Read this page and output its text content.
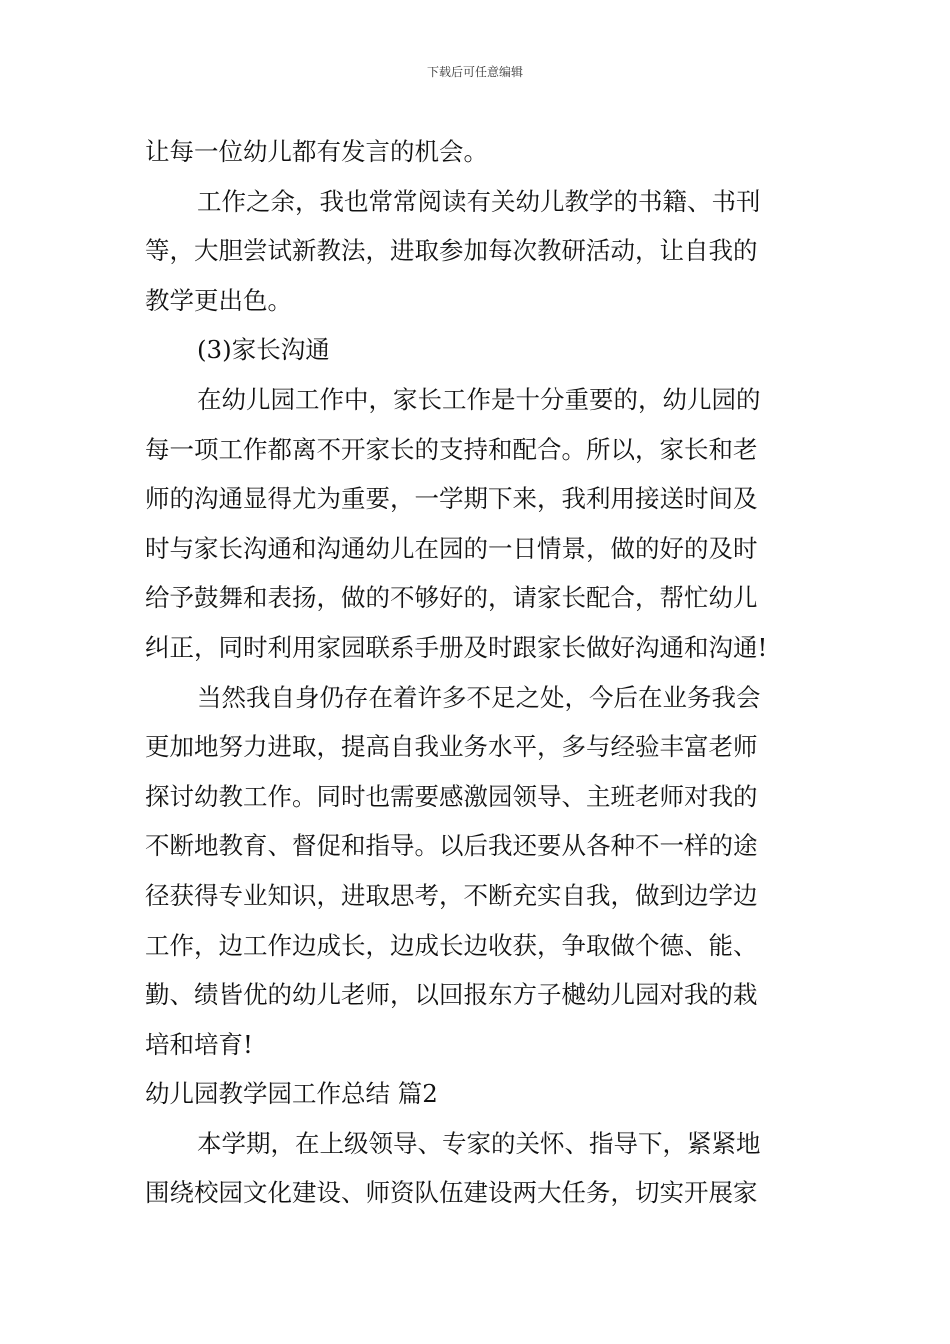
下载后可任意编辑
让每一位幼儿都有发言的机会。
工作之余，我也常常阅读有关幼儿教学的书籍、书刊
等，大胆尝试新教法，进取参加每次教研活动，让自我的
教学更出色。
(3)家长沟通
在幼儿园工作中，家长工作是十分重要的，幼儿园的
每一项工作都离不开家长的支持和配合。所以，家长和老
师的沟通显得尤为重要，一学期下来，我利用接送时间及
时与家长沟通和沟通幼儿在园的一日情景，做的好的及时
给予鼓舞和表扬，做的不够好的，请家长配合，帮忙幼儿
纠正，同时利用家园联系手册及时跟家长做好沟通和沟通!
当然我自身仍存在着许多不足之处，今后在业务我会
更加地努力进取，提高自我业务水平，多与经验丰富老师
探讨幼教工作。同时也需要感激园领导、主班老师对我的
不断地教育、督促和指导。以后我还要从各种不一样的途
径获得专业知识，进取思考，不断充实自我，做到边学边
工作，边工作边成长，边成长边收获，争取做个德、能、
勤、绩皆优的幼儿老师，以回报东方子樾幼儿园对我的栽
培和培育!
幼儿园教学园工作总结 篇2
本学期，在上级领导、专家的关怀、指导下，紧紧地
围绕校园文化建设、师资队伍建设两大任务，切实开展家
